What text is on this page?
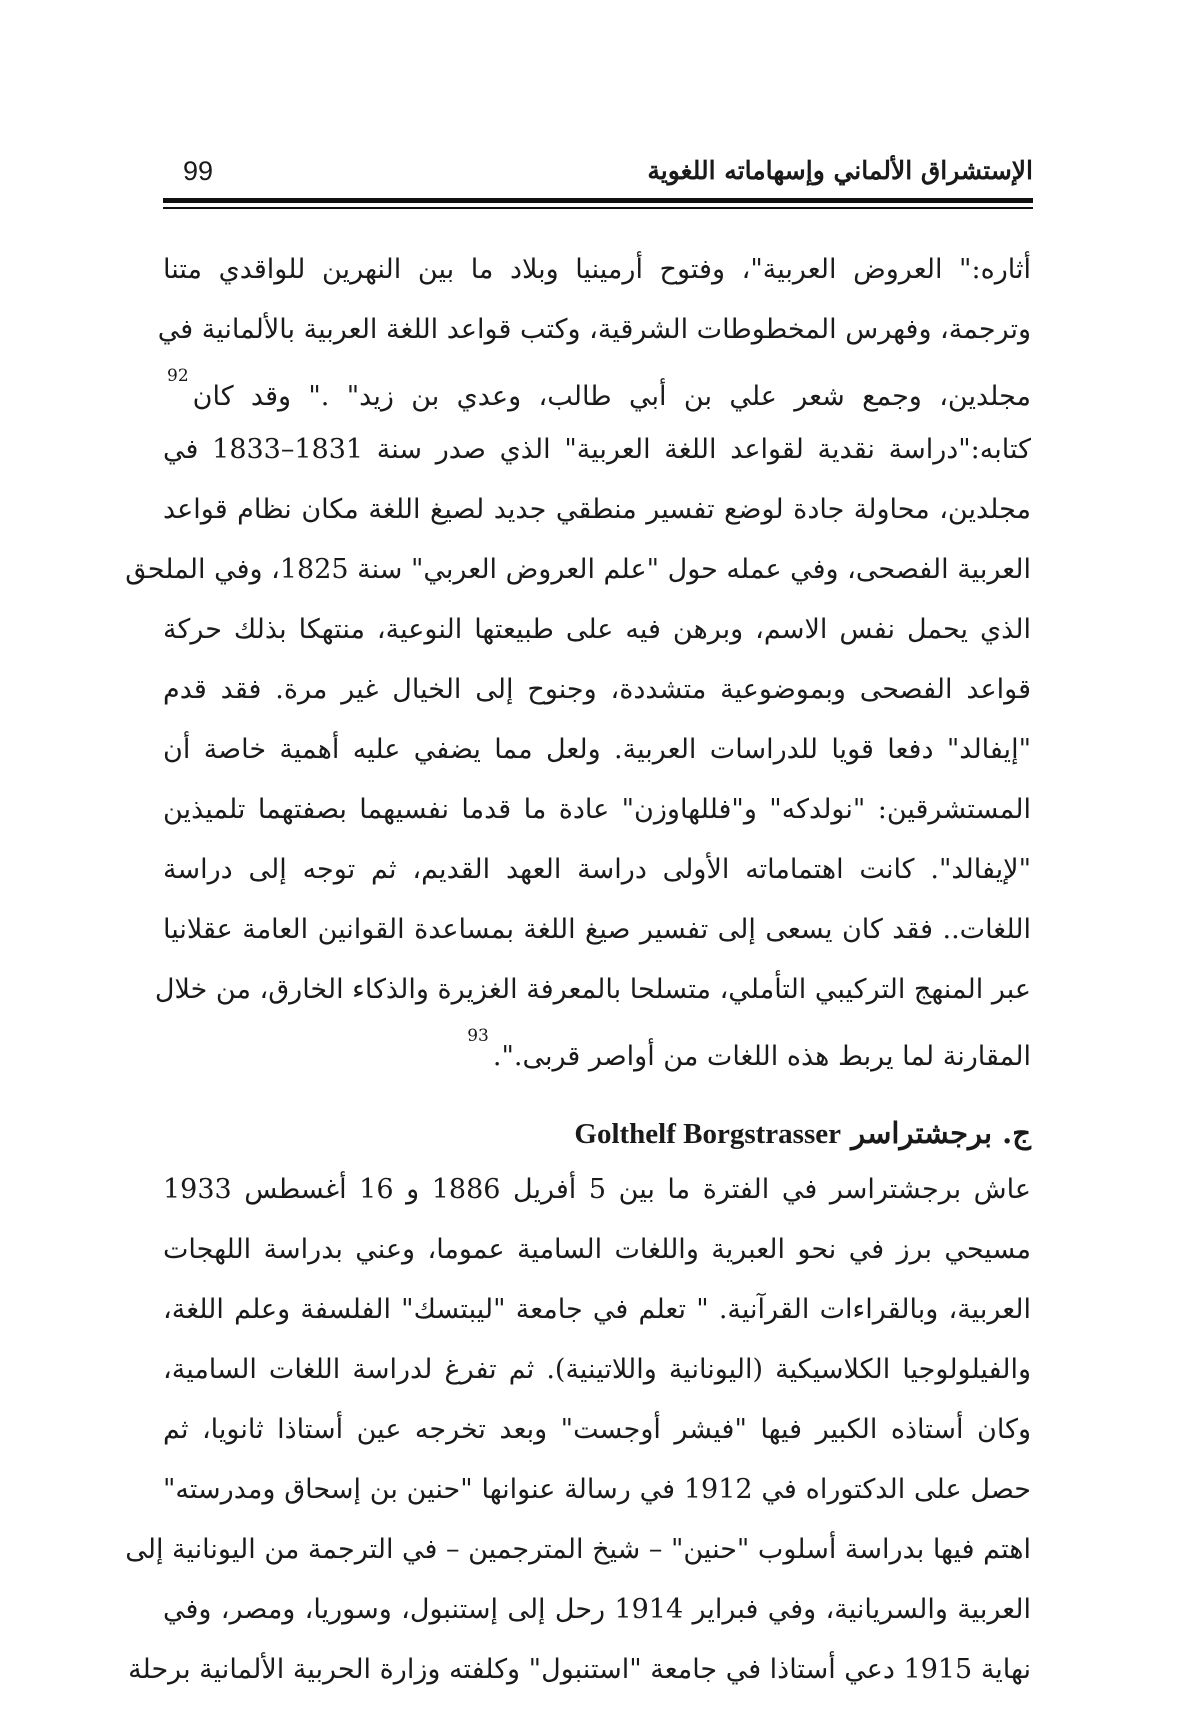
99	الإستشراق الألماني وإسهاماته اللغوية
أثاره:" العروض العربية"، وفتوح أرمينيا وبلاد ما بين النهرين للواقدي متنا
وترجمة، وفهرس المخطوطات الشرقية، وكتب قواعد اللغة العربية بالألمانية في
مجلدين، وجمع شعر علي بن أبي طالب، وعدي بن زيد" ." وقد كان$^{92}$
كتابه:"دراسة نقدية لقواعد اللغة العربية" الذي صدر سنة 1831–1833 في
مجلدين، محاولة جادة لوضع تفسير منطقي جديد لصيغ اللغة مكان نظام قواعد
العربية الفصحى، وفي عمله حول "علم العروض العربي" سنة 1825، وفي الملحق
الذي يحمل نفس الاسم، وبرهن فيه على طبيعتها النوعية، منتهكا بذلك حركة
قواعد الفصحى وبموضوعية متشددة، وجنوح إلى الخيال غير مرة. فقد قدم
"إيفالد" دفعا قويا للدراسات العربية. ولعل مما يضفي عليه أهمية خاصة أن
المستشرقين: "نولدكه" و"فللهاوزن" عادة ما قدما نفسيهما بصفتهما تلميذين
"لإيفالد". كانت اهتماماته الأولى دراسة العهد القديم، ثم توجه إلى دراسة
اللغات.. فقد كان يسعى إلى تفسير صيغ اللغة بمساعدة القوانين العامة عقلانيا
عبر المنهج التركيبي التأملي، متسلحا بالمعرفة الغزيرة والذكاء الخارق، من خلال
المقارنة لما يربط هذه اللغات من أواصر قربى.".$^{93}$
ج. برجشتراسر Golthelf Borgstrasser
عاش برجشتراسر في الفترة ما بين 5 أفريل 1886 و 16 أغسطس 1933
مسيحي برز في نحو العبرية واللغات السامية عموما، وعني بدراسة اللهجات
العربية، وبالقراءات القرآنية. " تعلم في جامعة "ليبتسك" الفلسفة وعلم اللغة،
والفيلولوجيا الكلاسيكية (اليونانية واللاتينية). ثم تفرغ لدراسة اللغات السامية،
وكان أستاذه الكبير فيها "فيشر أوجست" وبعد تخرجه عين أستاذا ثانويا، ثم
حصل على الدكتوراه في 1912 في رسالة عنوانها "حنين بن إسحاق ومدرسته"
اهتم فيها بدراسة أسلوب "حنين" – شيخ المترجمين – في الترجمة من اليونانية إلى
العربية والسريانية، وفي فبراير 1914 رحل إلى إستنبول، وسوريا، ومصر، وفي
نهاية 1915 دعي أستاذا في جامعة "استنبول" وكلفته وزارة الحربية الألمانية برحلة
